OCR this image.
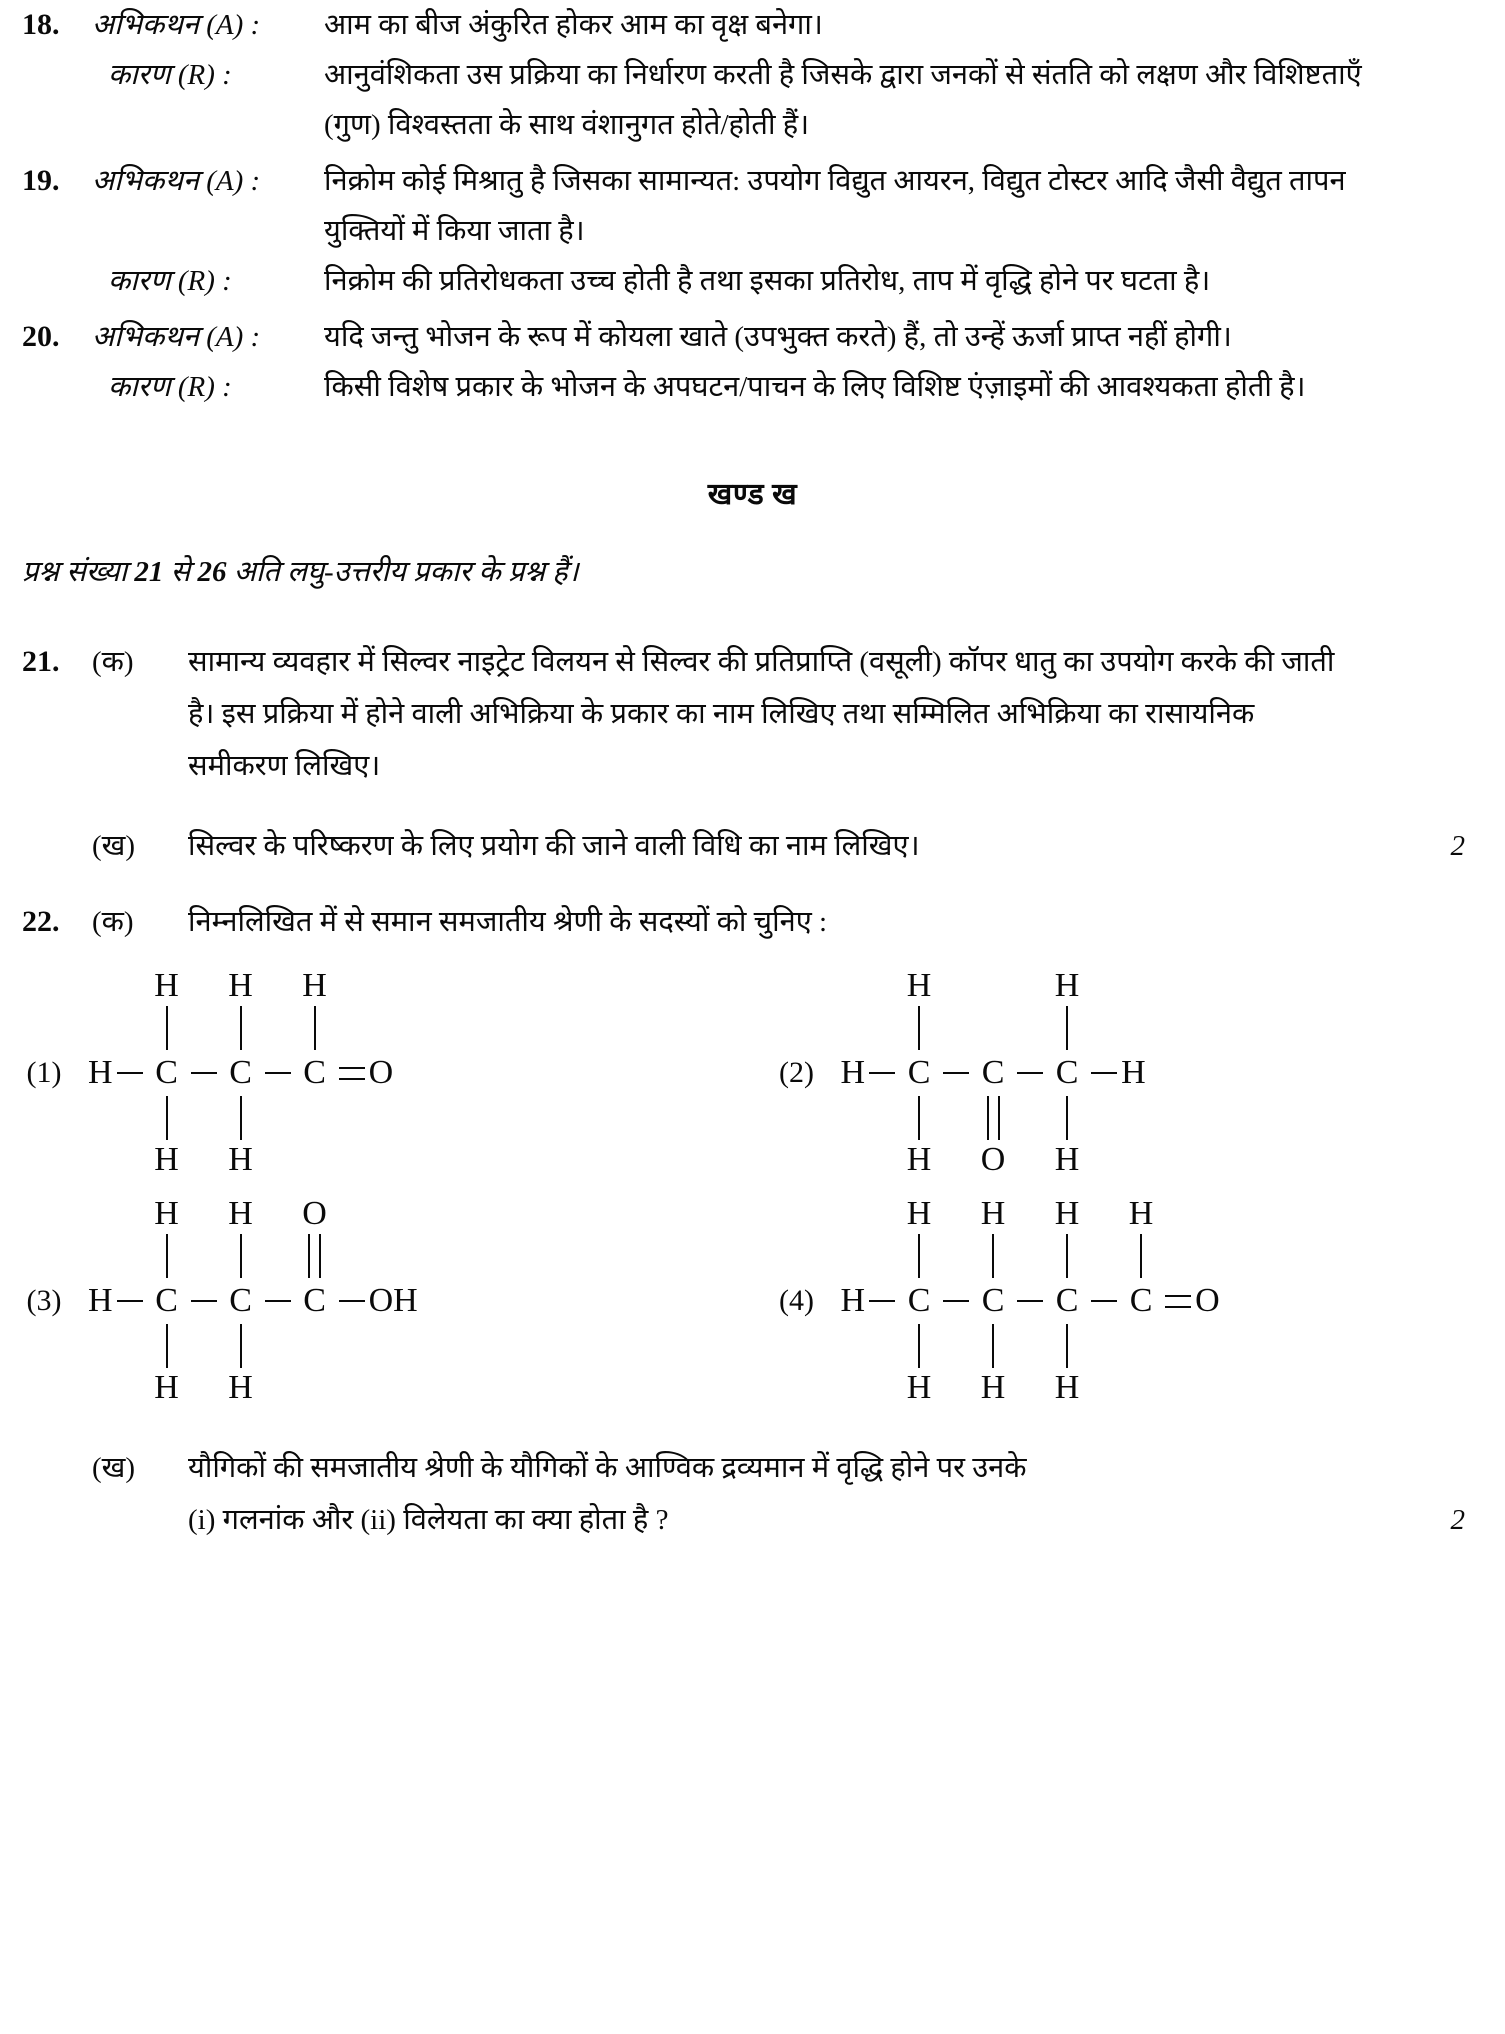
18.	अभिकथन (A) :	आम का बीज अंकुरित होकर आम का वृक्ष बनेगा।
कारण (R) :	आनुवंशिकता उस प्रक्रिया का निर्धारण करती है जिसके द्वारा जनकों से संतति को लक्षण और विशिष्टताएँ (गुण) विश्वस्तता के साथ वंशानुगत होते/होती हैं।
19.	अभिकथन (A) :	निक्रोम कोई मिश्रातु है जिसका सामान्यत: उपयोग विद्युत आयरन, विद्युत टोस्टर आदि जैसी वैद्युत तापन युक्तियों में किया जाता है।
कारण (R) :	निक्रोम की प्रतिरोधकता उच्च होती है तथा इसका प्रतिरोध, ताप में वृद्धि होने पर घटता है।
20.	अभिकथन (A) :	यदि जन्तु भोजन के रूप में कोयला खाते (उपभुक्त करते) हैं, तो उन्हें ऊर्जा प्राप्त नहीं होगी।
कारण (R) :	किसी विशेष प्रकार के भोजन के अपघटन/पाचन के लिए विशिष्ट एंज़ाइमों की आवश्यकता होती है।
खण्ड ख
प्रश्न संख्या 21 से 26 अति लघु-उत्तरीय प्रकार के प्रश्न हैं।
21.	(क)	सामान्य व्यवहार में सिल्वर नाइट्रेट विलयन से सिल्वर की प्रतिप्राप्ति (वसूली) कॉपर धातु का उपयोग करके की जाती है। इस प्रक्रिया में होने वाली अभिक्रिया के प्रकार का नाम लिखिए तथा सम्मिलित अभिक्रिया का रासायनिक समीकरण लिखिए।
(ख)	सिल्वर के परिष्करण के लिए प्रयोग की जाने वाली विधि का नाम लिखिए।	2
22.	(क)	निम्नलिखित में से समान समजातीय श्रेणी के सदस्यों को चुनिए :
(1) H
H
C
H
H
C
H
H
C O	(2) H
H
C
H
C
O
H
C
H
H
(3) H
H
C
H
H
C
H
O
C OH	(4) H
H
C
H
H
C
H
H
C
H
H
C O
(ख)	यौगिकों की समजातीय श्रेणी के यौगिकों के आण्विक द्रव्यमान में वृद्धि होने पर उनके
(i) गलनांक और (ii) विलेयता का क्या होता है ?	2
